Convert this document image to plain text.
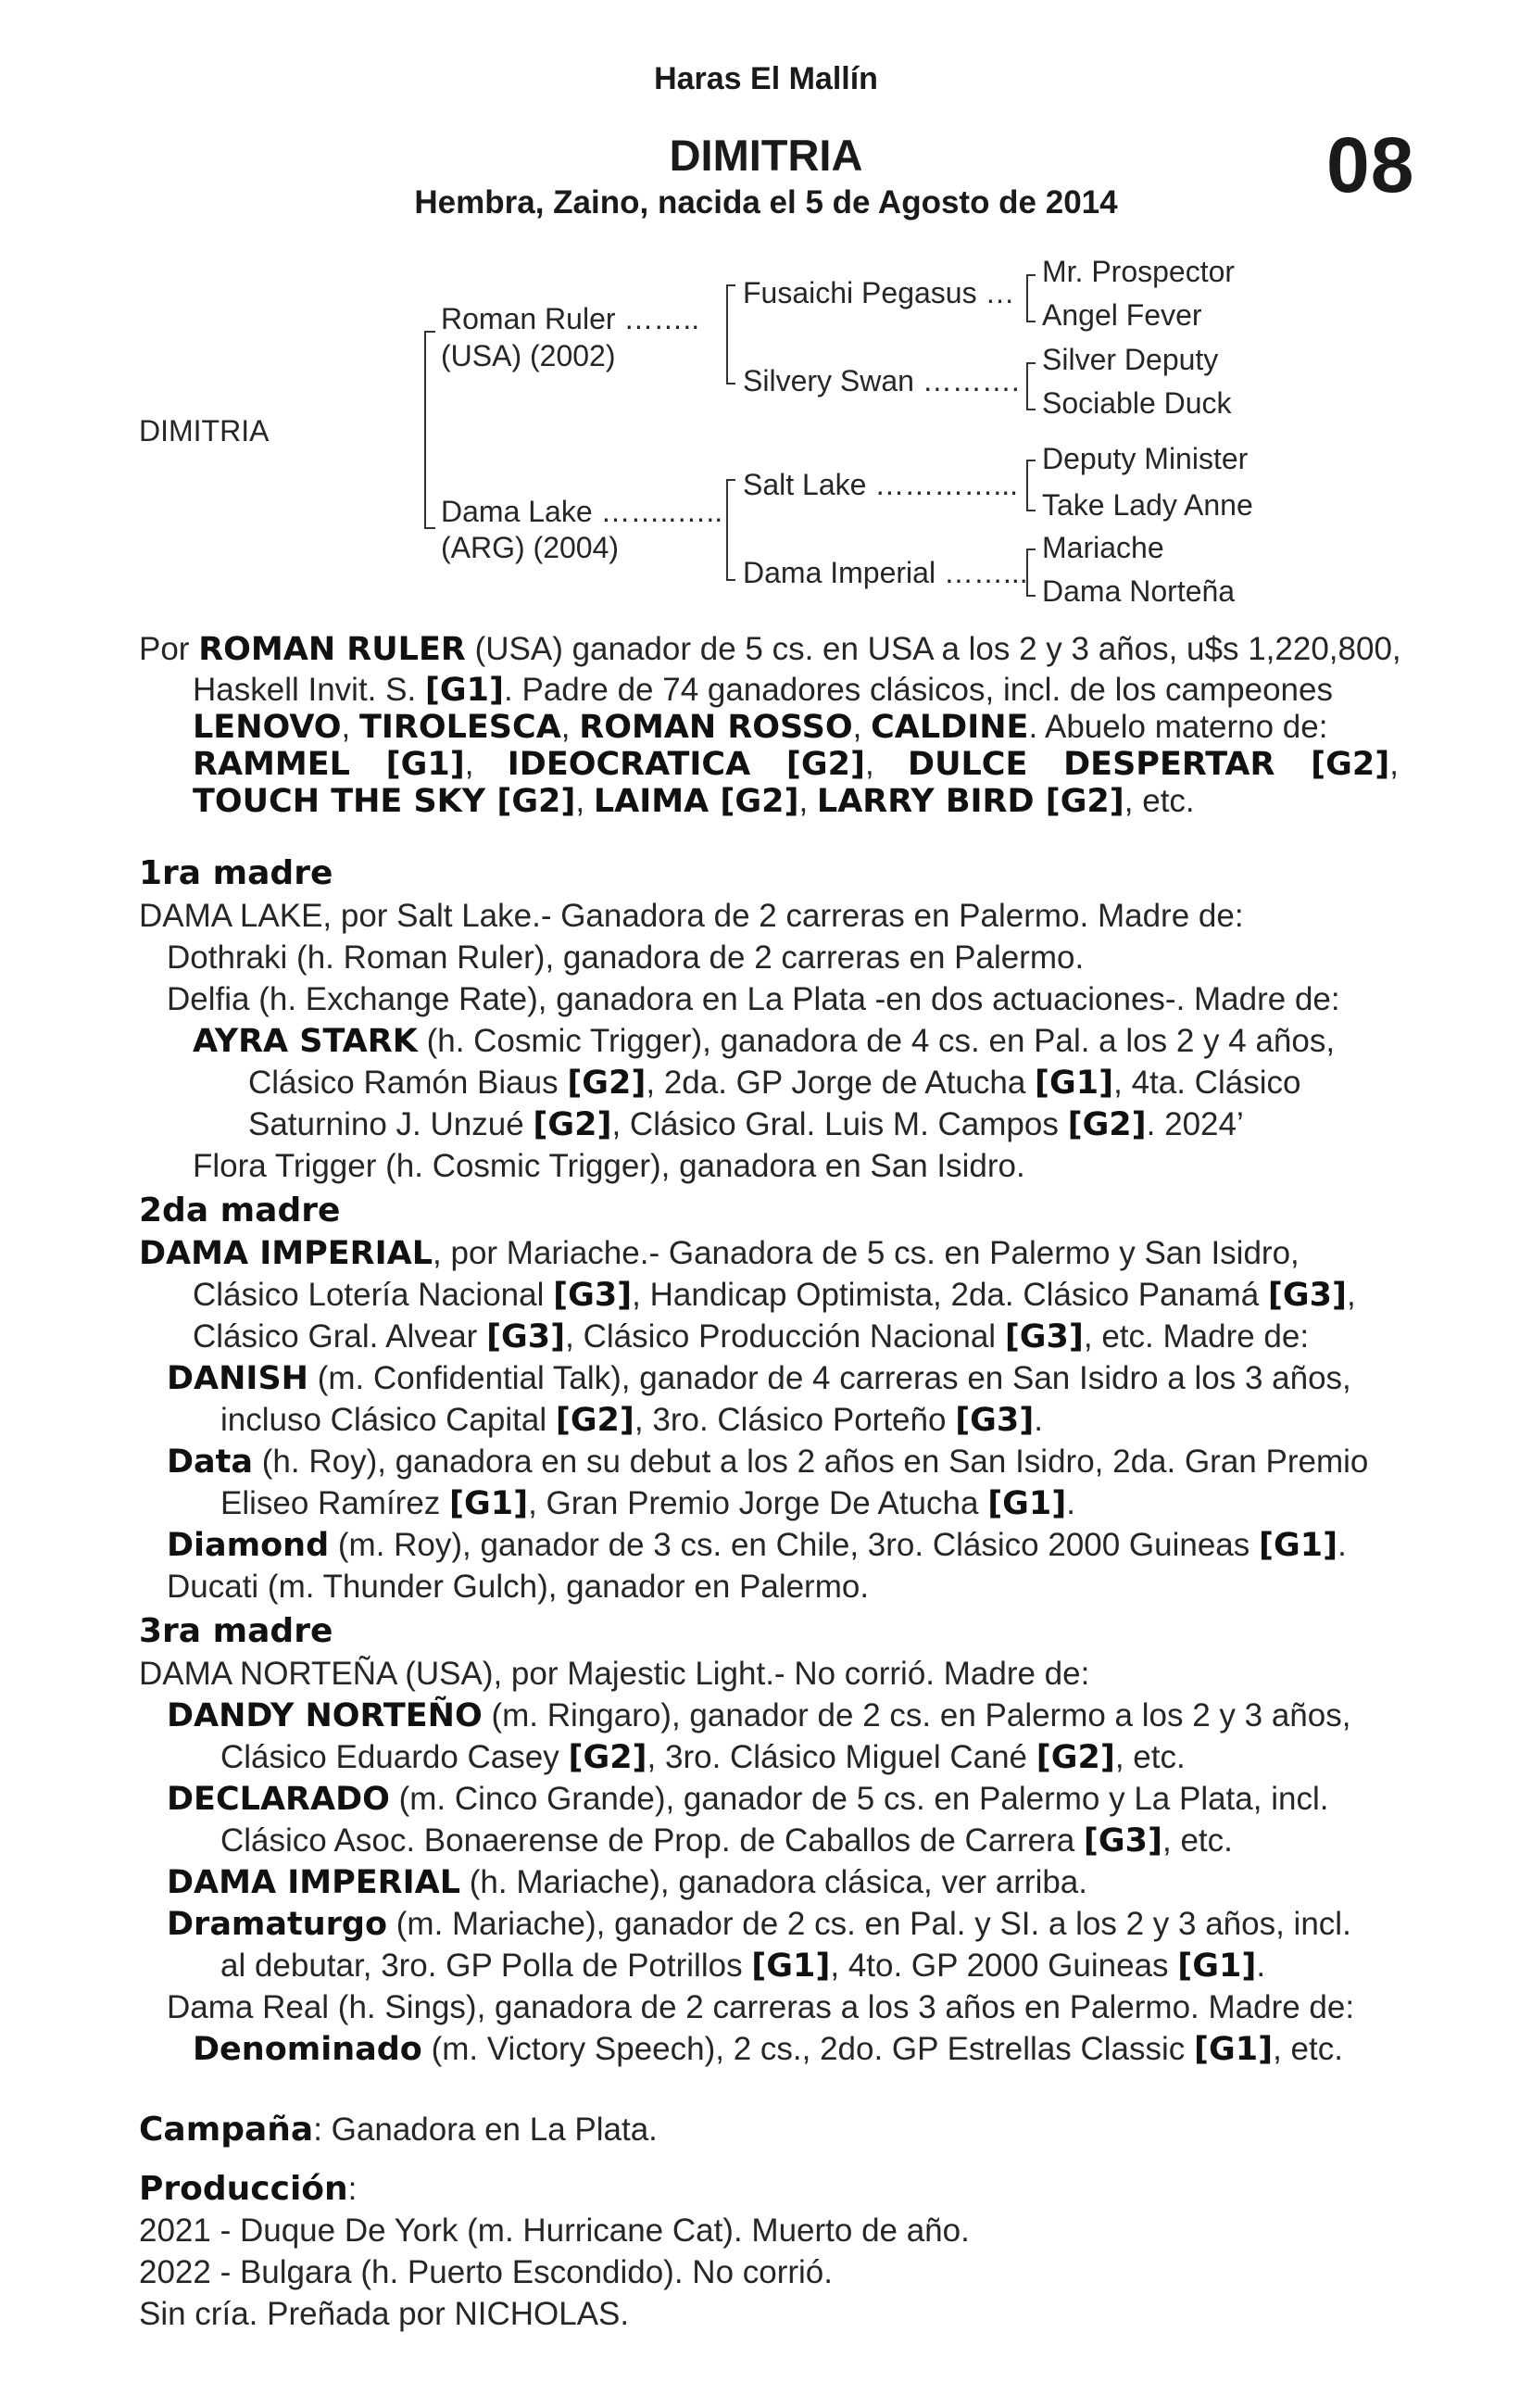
Haras El Mallín
DIMITRIA	08
Hembra, Zaino, nacida el 5 de Agosto de 2014
DIMITRIA
Roman Ruler ……..
(USA) (2002)
Dama Lake ……..…..
(ARG) (2004)
Fusaichi Pegasus …
Silvery Swan ……….
Salt Lake …………...
Dama Imperial ……...
Mr. Prospector
Angel Fever
Silver Deputy
Sociable Duck
Deputy Minister
Take Lady Anne
Mariache
Dama Norteña
Por ROMAN RULER (USA) ganador de 5 cs. en USA a los 2 y 3 años, u$s 1,220,800,
Haskell Invit. S. [G1]. Padre de 74 ganadores clásicos, incl. de los campeones
LENOVO, TIROLESCA, ROMAN ROSSO, CALDINE. Abuelo materno de:
RAMMEL [G1], IDEOCRATICA [G2], DULCE DESPERTAR [G2],
TOUCH THE SKY [G2], LAIMA [G2], LARRY BIRD [G2], etc.
1ra madre
DAMA LAKE, por Salt Lake.- Ganadora de 2 carreras en Palermo. Madre de:
Dothraki (h. Roman Ruler), ganadora de 2 carreras en Palermo.
Delfia (h. Exchange Rate), ganadora en La Plata -en dos actuaciones-. Madre de:
AYRA STARK (h. Cosmic Trigger), ganadora de 4 cs. en Pal. a los 2 y 4 años,
Clásico Ramón Biaus [G2], 2da. GP Jorge de Atucha [G1], 4ta. Clásico
Saturnino J. Unzué [G2], Clásico Gral. Luis M. Campos [G2]. 2024’
Flora Trigger (h. Cosmic Trigger), ganadora en San Isidro.
2da madre
DAMA IMPERIAL, por Mariache.- Ganadora de 5 cs. en Palermo y San Isidro,
Clásico Lotería Nacional [G3], Handicap Optimista, 2da. Clásico Panamá [G3],
Clásico Gral. Alvear [G3], Clásico Producción Nacional [G3], etc. Madre de:
DANISH (m. Confidential Talk), ganador de 4 carreras en San Isidro a los 3 años,
incluso Clásico Capital [G2], 3ro. Clásico Porteño [G3].
Data (h. Roy), ganadora en su debut a los 2 años en San Isidro, 2da. Gran Premio
Eliseo Ramírez [G1], Gran Premio Jorge De Atucha [G1].
Diamond (m. Roy), ganador de 3 cs. en Chile, 3ro. Clásico 2000 Guineas [G1].
Ducati (m. Thunder Gulch), ganador en Palermo.
3ra madre
DAMA NORTEÑA (USA), por Majestic Light.- No corrió. Madre de:
DANDY NORTEÑO (m. Ringaro), ganador de 2 cs. en Palermo a los 2 y 3 años,
Clásico Eduardo Casey [G2], 3ro. Clásico Miguel Cané [G2], etc.
DECLARADO (m. Cinco Grande), ganador de 5 cs. en Palermo y La Plata, incl.
Clásico Asoc. Bonaerense de Prop. de Caballos de Carrera [G3], etc.
DAMA IMPERIAL (h. Mariache), ganadora clásica, ver arriba.
Dramaturgo (m. Mariache), ganador de 2 cs. en Pal. y SI. a los 2 y 3 años, incl.
al debutar, 3ro. GP Polla de Potrillos [G1], 4to. GP 2000 Guineas [G1].
Dama Real (h. Sings), ganadora de 2 carreras a los 3 años en Palermo. Madre de:
Denominado (m. Victory Speech), 2 cs., 2do. GP Estrellas Classic [G1], etc.
Campaña: Ganadora en La Plata.
Producción:
2021 - Duque De York (m. Hurricane Cat). Muerto de año.
2022 - Bulgara (h. Puerto Escondido). No corrió.
Sin cría. Preñada por NICHOLAS.
